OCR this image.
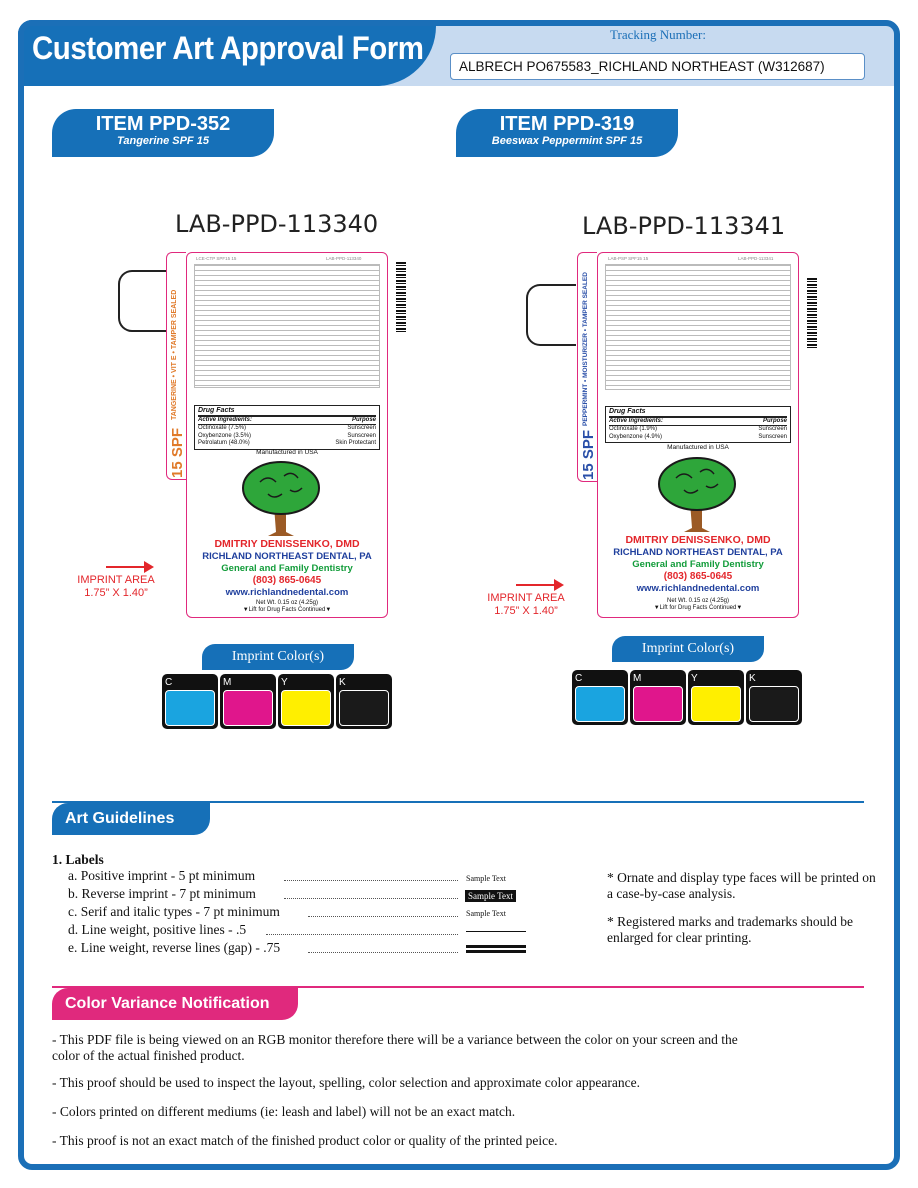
Customer Art Approval Form	Tracking Number:
ALBRECH PO675583_RICHLAND NORTHEAST (W312687)
ITEM PPD-352
Tangerine SPF 15
LAB-PPD-113340
TANGERINE • VIT E • TAMPER SEALED
15 SPF
LCE-CTP SPF15 15	LAB-PPD-113340
Drug Facts
Active Ingredients:	Purpose
Octinoxate (7.5%)	Sunscreen
Oxybenzone (3.5%)	Sunscreen
Petrolatum (48.0%)	Skin Protectant
Manufactured in USA
DMITRIY DENISSENKO, DMD
RICHLAND NORTHEAST DENTAL, PA
General and Family Dentistry
(803) 865-0645
www.richlandnedental.com
Net Wt. 0.15 oz (4.25g)
▼Lift for Drug Facts Continued▼
IMPRINT AREA
1.75” X 1.40”
Imprint Color(s)
C	M	Y	K
ITEM PPD-319
Beeswax Peppermint SPF 15
LAB-PPD-113341
PEPPERMINT • MOISTURIZER • TAMPER SEALED
15 SPF
LAB-PSP SPF15 15	LAB-PPD-113341
Drug Facts
Active Ingredients:	Purpose
Octinoxate (1.9%)	Sunscreen
Oxybenzone (4.9%)	Sunscreen
Manufactured in USA
DMITRIY DENISSENKO, DMD
RICHLAND NORTHEAST DENTAL, PA
General and Family Dentistry
(803) 865-0645
www.richlandnedental.com
Net Wt. 0.15 oz (4.25g)
▼Lift for Drug Facts Continued▼
IMPRINT AREA
1.75” X 1.40”
Imprint Color(s)
C	M	Y	K
Art Guidelines
1. Labels
a. Positive imprint - 5 pt minimum	Sample Text
b. Reverse imprint - 7 pt minimum	Sample Text
c. Serif and italic types - 7 pt minimum	Sample Text
d. Line weight, positive lines - .5
e. Line weight, reverse lines (gap) - .75
* Ornate and display type faces will be printed on a case-by-case analysis.
* Registered marks and trademarks should be enlarged for clear printing.
Color Variance Notification
- This PDF file is being viewed on an RGB monitor therefore there will be a variance between the color on your screen and the color of the actual finished product.
- This proof should be used to inspect the layout, spelling, color selection and approximate color appearance.
- Colors printed on different mediums (ie: leash and label) will not be an exact match.
- This proof is not an exact match of the finished product color or quality of the printed peice.
